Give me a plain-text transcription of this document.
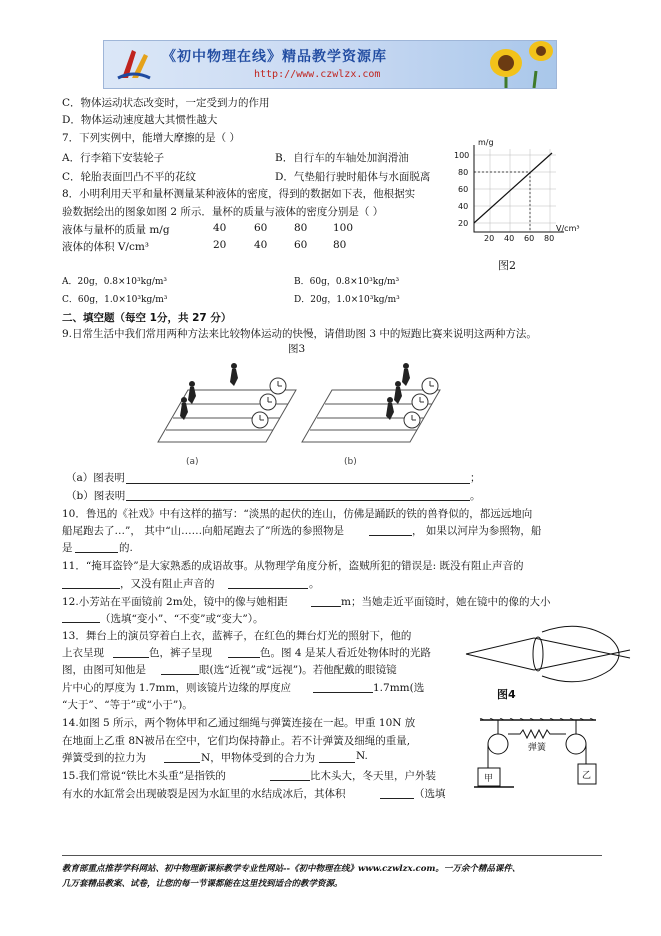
《初中物理在线》精品教学资源库
http://www.czwlzx.com
C．物体运动状态改变时，一定受到力的作用
D．物体运动速度越大其惯性越大
7．下列实例中，能增大摩擦的是（ ）
A．行李箱下安装轮子	B．自行车的车轴处加润滑油
C．轮胎表面凹凸不平的花纹	D．气垫船行驶时船体与水面脱离
8．小明利用天平和量杯测量某种液体的密度，得到的数据如下表，他根据实
验数据绘出的图象如图 2 所示．量杯的质量与液体的密度分别是（ ）
液体与量杯的质量 m/g	40	60	80 100
液体的体积 V/cm³	20	40	60 80
A．20g，0.8×10³kg/m³	B．60g，0.8×10³kg/m³
C．60g，1.0×10³kg/m³	D．20g，1.0×10³kg/m³
m/g
V/cm³
100
80
60
40
20
20 40 60 80
图2
二、填空题（每空 1分，共 27 分）
9.日常生活中我们常用两种方法来比较物体运动的快慢，请借助图 3 中的短跑比赛来说明这两种方法。
图3
(a)	(b)
（a）图表明	；
（b）图表明	。
10．鲁迅的《社戏》中有这样的描写：“淡黑的起伏的连山，仿佛是踊跃的铁的兽脊似的，都远远地向
船尾跑去了…”， 其中“山……向船尾跑去了”所选的参照物是	， 如果以河岸为参照物，船
是	的.
11．“掩耳盗铃”是大家熟悉的成语故事。从物理学角度分析，盗贼所犯的错误是: 既没有阻止声音的
，又没有阻止声音的	。
12.小芳站在平面镜前 2m处，镜中的像与她相距	m；当她走近平面镜时，她在镜中的像的大小
（选填“变小”、“不变”或“变大”）。
13．舞台上的演员穿着白上衣，蓝裤子，在红色的舞台灯光的照射下，他的
上衣呈现	色，裤子呈现	色。图 4 是某人看近处物体时的光路
图，由图可知他是	眼(选“近视”或“远视”)。若他配戴的眼镜镜
片中心的厚度为 1.7mm，则该镜片边缘的厚度应	1.7mm(选
“大于”、“等于”或“小于”)。
图4
14.如图 5 所示，两个物体甲和乙通过细绳与弹簧连接在一起。甲重 10N 放
在地面上乙重 8N被吊在空中，它们均保持静止。若不计弹簧及细绳的重量,
弹簧受到的拉力为	N，甲物体受到的合力为	N.
弹簧
甲	乙
15.我们常说“铁比木头重”是指铁的	比木头大，冬天里，户外装
有水的水缸常会出现破裂是因为水缸里的水结成冰后，其体积	（选填
教育部重点推荐学科网站、初中物理新课标教学专业性网站--《初中物理在线》www.czwlzx.com。一万余个精品课件、
几万套精品教案、试卷，让您的每一节课都能在这里找到适合的教学资源。
